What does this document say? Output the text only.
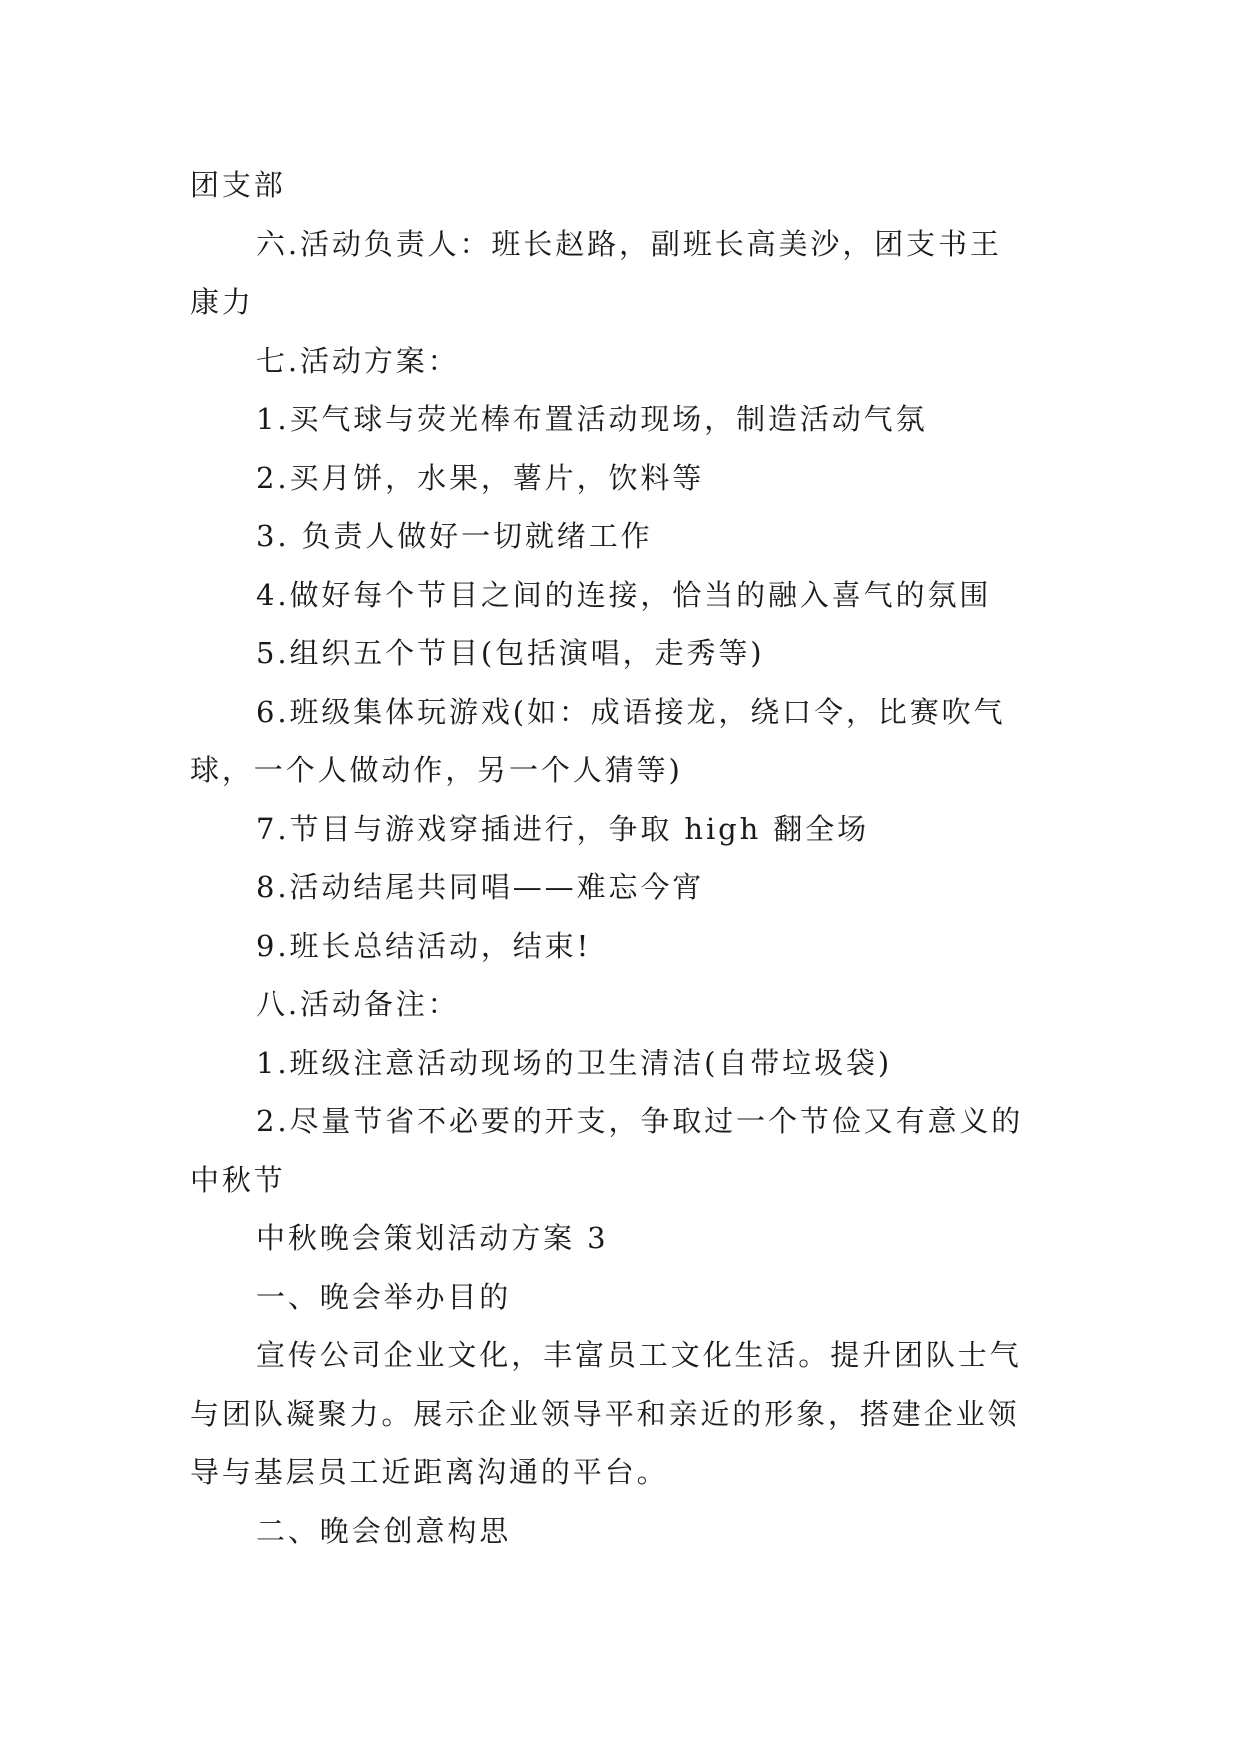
团支部

六.活动负责人：班长赵路，副班长高美沙，团支书王
康力

七.活动方案：

1.买气球与荧光棒布置活动现场，制造活动气氛

2.买月饼，水果，薯片，饮料等

3. 负责人做好一切就绪工作

4.做好每个节目之间的连接，恰当的融入喜气的氛围

5.组织五个节目(包括演唱，走秀等)

6.班级集体玩游戏(如：成语接龙，绕口令，比赛吹气
球，一个人做动作，另一个人猜等)

7.节目与游戏穿插进行，争取 high 翻全场

8.活动结尾共同唱——难忘今宵

9.班长总结活动，结束!

八.活动备注：

1.班级注意活动现场的卫生清洁(自带垃圾袋)

2.尽量节省不必要的开支，争取过一个节俭又有意义的
中秋节

中秋晚会策划活动方案 3

一、晚会举办目的

宣传公司企业文化，丰富员工文化生活。提升团队士气
与团队凝聚力。展示企业领导平和亲近的形象，搭建企业领
导与基层员工近距离沟通的平台。

二、晚会创意构思
